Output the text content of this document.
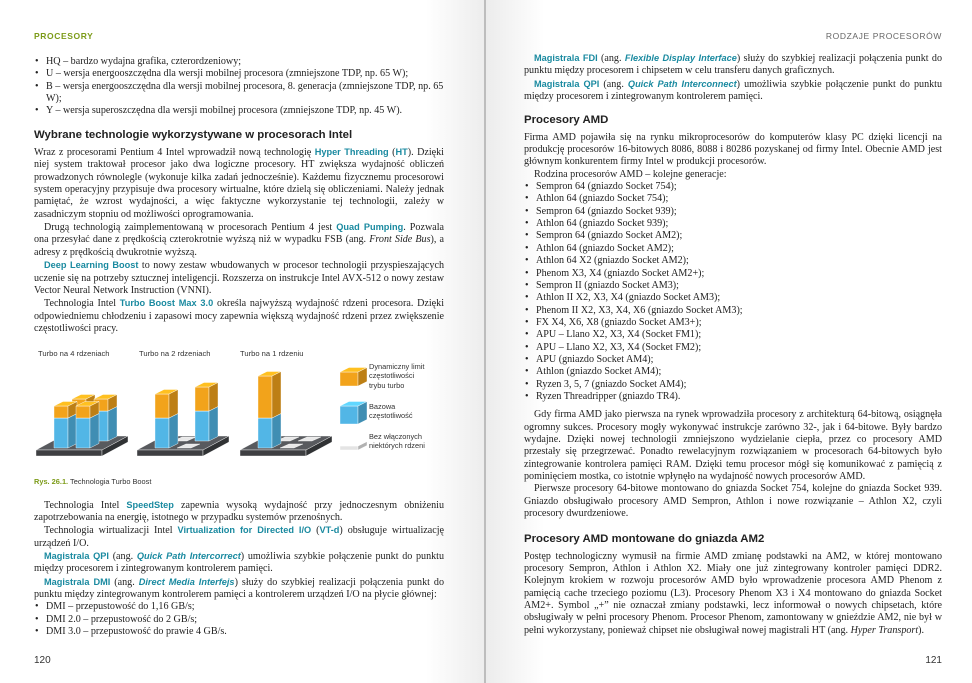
PROCESORY
• HQ – bardzo wydajna grafika, czterordzeniowy;
• U – wersja energooszczędna dla wersji mobilnej procesora (zmniejszone TDP, np. 65 W);
• B – wersja energooszczędna dla wersji mobilnej procesora, 8. generacja (zmniejszone TDP, np. 65 W);
• Y – wersja superoszczędna dla wersji mobilnej procesora (zmniejszone TDP, np. 45 W).
Wybrane technologie wykorzystywane w procesorach Intel

Wraz z procesorami Pentium 4 Intel wprowadził nową technologię Hyper Threading (HT). Dzięki niej system traktował procesor jako dwa logiczne procesory. HT zwiększa wydajność obliczeń prowadzonych równolegle (wykonuje kilka zadań jednocześnie). Każdemu fizycznemu procesorowi system operacyjny przypisuje dwa procesory wirtualne, które dzielą się obliczeniami. Należy jednak pamiętać, że wzrost wydajności, a więc faktyczne wykorzystanie tej technologii, zależy w zasadniczym stopniu od możliwości oprogramowania.

Drugą technologią zaimplementowaną w procesorach Pentium 4 jest Quad Pumping. Pozwala ona przesyłać dane z prędkością czterokrotnie wyższą niż w wypadku FSB (ang. Front Side Bus), a adresy z prędkością dwukrotnie wyższą.

Deep Learning Boost to nowy zestaw wbudowanych w procesor technologii przyspieszających uczenie się na potrzeby sztucznej inteligencji. Rozszerza on instrukcje Intel AVX-512 o nowy zestaw Vector Neural Network Instruction (VNNI).

Technologia Intel Turbo Boost Max 3.0 określa najwyższą wydajność rdzeni procesora. Dzięki odpowiedniemu chłodzeniu i zapasowi mocy zapewnia większą wydajność rdzeni przez zwiększenie częstotliwości pracy.

Turbo na 4 rdzeniach	Turbo na 2 rdzeniach	Turbo na 1 rdzeniu
Dynamiczny limit
częstotliwości
trybu turbo
Bazowa
częstotliwość
Bez włączonych
niektórych rdzeni
Rys. 26.1. Technologia Turbo Boost

Technologia Intel SpeedStep zapewnia wysoką wydajność przy jednoczesnym obniżeniu zapotrzebowania na energię, istotnego w przypadku systemów przenośnych.

Technologia wirtualizacji Intel Virtualization for Directed I/O (VT-d) obsługuje wirtualizację urządzeń I/O.

Magistrala QPI (ang. Quick Path Intercorrect) umożliwia szybkie połączenie punkt do punktu między procesorem i zintegrowanym kontrolerem pamięci.

Magistrala DMI (ang. Direct Media Interfejs) służy do szybkiej realizacji połączenia punkt do punktu między zintegrowanym kontrolerem pamięci a kontrolerem urządzeń I/O na płycie głównej:

• DMI – przepustowość do 1,16 GB/s;
• DMI 2.0 – przepustowość do 2 GB/s;
• DMI 3.0 – przepustowość do prawie 4 GB/s.
120
RODZAJE PROCESORÓW

Magistrala FDI (ang. Flexible Display Interface) służy do szybkiej realizacji połączenia punkt do punktu między procesorem i chipsetem w celu transferu danych graficznych.

Magistrala QPI (ang. Quick Path Interconnect) umożliwia szybkie połączenie punkt do punktu między procesorem i zintegrowanym kontrolerem pamięci.

Procesory AMD

Firma AMD pojawiła się na rynku mikroprocesorów do komputerów klasy PC dzięki licencji na produkcję procesorów 16-bitowych 8086, 8088 i 80286 pozyskanej od firmy Intel. Obecnie AMD jest głównym konkurentem firmy Intel w produkcji procesorów.

Rodzina procesorów AMD – kolejne generacje:

• Sempron 64 (gniazdo Socket 754);
• Athlon 64 (gniazdo Socket 754);
• Sempron 64 (gniazdo Socket 939);
• Athlon 64 (gniazdo Socket 939);
• Sempron 64 (gniazdo Socket AM2);
• Athlon 64 (gniazdo Socket AM2);
• Athlon 64 X2 (gniazdo Socket AM2);
• Phenom X3, X4 (gniazdo Socket AM2+);
• Sempron II (gniazdo Socket AM3);
• Athlon II X2, X3, X4 (gniazdo Socket AM3);
• Phenom II X2, X3, X4, X6 (gniazdo Socket AM3);
• FX X4, X6, X8 (gniazdo Socket AM3+);
• APU – Llano X2, X3, X4 (Socket FM1);
• APU – Llano X2, X3, X4 (Socket FM2);
• APU (gniazdo Socket AM4);
• Athlon (gniazdo Socket AM4);
• Ryzen 3, 5, 7 (gniazdo Socket AM4);
• Ryzen Threadripper (gniazdo TR4).

Gdy firma AMD jako pierwsza na rynek wprowadziła procesory z architekturą 64-bitową, osiągnęła ogromny sukces. Procesory mogły wykonywać instrukcje zarówno 32-, jak i 64-bitowe. Były bardzo wydajne. Dzięki nowej technologii zmniejszono wydzielanie ciepła, przez co procesory AMD przestały się przegrzewać. Ponadto rewelacyjnym rozwiązaniem w procesorach 64-bitowych było zintegrowanie kontrolera pamięci RAM. Dzięki temu procesor mógł się komunikować z pamięcią z pominięciem mostka, co istotnie wpłynęło na wydajność nowych procesorów AMD.

Pierwsze procesory 64-bitowe montowano do gniazda Socket 754, kolejne do gniazda Socket 939. Gniazdo obsługiwało procesory AMD Sempron, Athlon i nowe rozwiązanie – Athlon X2, czyli procesory dwurdzeniowe.

Procesory AMD montowane do gniazda AM2

Postęp technologiczny wymusił na firmie AMD zmianę podstawki na AM2, w której montowano procesory Sempron, Athlon i Athlon X2. Miały one już zintegrowany kontroler pamięci DDR2. Kolejnym krokiem w rozwoju procesorów AMD było wprowadzenie procesora AMD Phenom z pamięcią cache trzeciego poziomu (L3). Procesory Phenom X3 i X4 montowano do gniazda Socket AM2+. Symbol „+” nie oznaczał zmiany podstawki, lecz informował o nowych chipsetach, które obsługiwały w pełni procesory Phenom. Procesor Phenom, zamontowany w gnieździe AM2, nie był w pełni wykorzystany, ponieważ chipset nie obsługiwał nowej magistrali HT (ang. Hyper Transport).

121
